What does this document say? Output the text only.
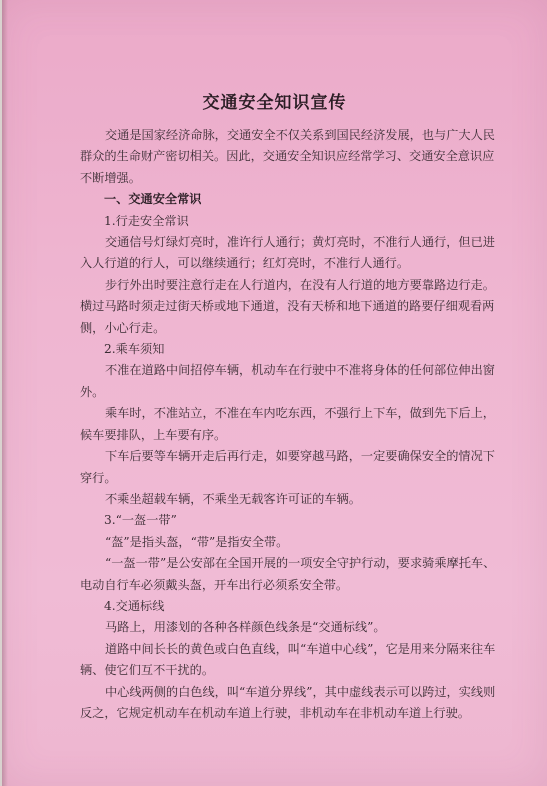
交通安全知识宣传

交通是国家经济命脉，交通安全不仅关系到国民经济发展，也与广大人民群众的生命财产密切相关。因此，交通安全知识应经常学习、交通安全意识应不断增强。

一、交通安全常识

1.行走安全常识

交通信号灯绿灯亮时，准许行人通行；黄灯亮时，不准行人通行，但已进入人行道的行人，可以继续通行；红灯亮时，不准行人通行。

步行外出时要注意行走在人行道内，在没有人行道的地方要靠路边行走。横过马路时须走过街天桥或地下通道，没有天桥和地下通道的路要仔细观看两侧，小心行走。

2.乘车须知

不准在道路中间招停车辆，机动车在行驶中不准将身体的任何部位伸出窗外。

乘车时，不准站立，不准在车内吃东西，不强行上下车，做到先下后上，候车要排队，上车要有序。

下车后要等车辆开走后再行走，如要穿越马路，一定要确保安全的情况下穿行。

不乘坐超载车辆，不乘坐无载客许可证的车辆。

3.“一盔一带”

“盔”是指头盔，“带”是指安全带。

“一盔一带”是公安部在全国开展的一项安全守护行动，要求骑乘摩托车、电动自行车必须戴头盔，开车出行必须系安全带。

4.交通标线

马路上，用漆划的各种各样颜色线条是“交通标线”。

道路中间长长的黄色或白色直线，叫“车道中心线”，它是用来分隔来往车辆、使它们互不干扰的。

中心线两侧的白色线，叫“车道分界线”，其中虚线表示可以跨过，实线则反之，它规定机动车在机动车道上行驶，非机动车在非机动车道上行驶。
